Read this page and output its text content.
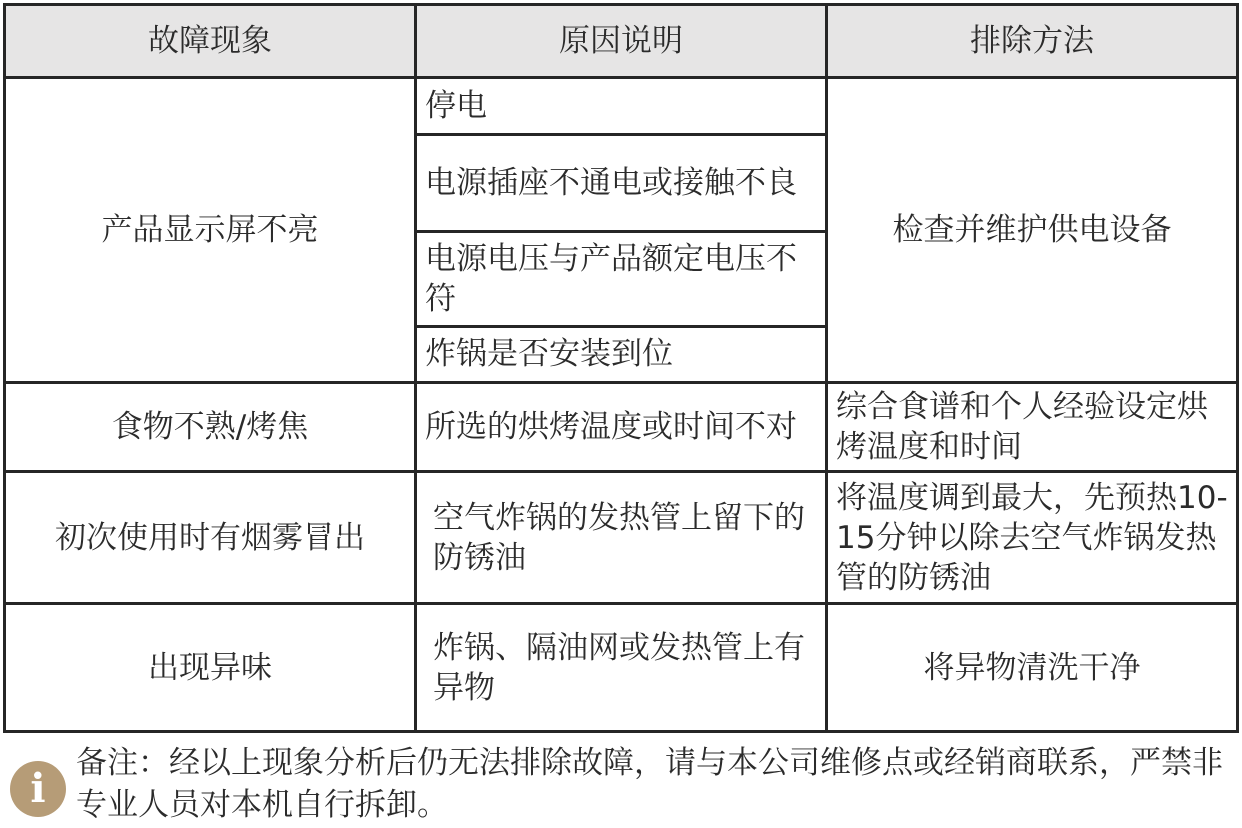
故障现象	原因说明	排除方法
产品显示屏不亮	停电	检查并维护供电设备
	电源插座不通电或接触不良	
	电源电压与产品额定电压不符	
	炸锅是否安装到位	
食物不熟/烤焦	所选的烘烤温度或时间不对	综合食谱和个人经验设定烘烤温度和时间
初次使用时有烟雾冒出	空气炸锅的发热管上留下的防锈油	将温度调到最大，先预热10-15分钟以除去空气炸锅发热管的防锈油
出现异味	炸锅、隔油网或发热管上有异物	将异物清洗干净
i
备注：经以上现象分析后仍无法排除故障，请与本公司维修点或经销商联系，严禁非专业人员对本机自行拆卸。
